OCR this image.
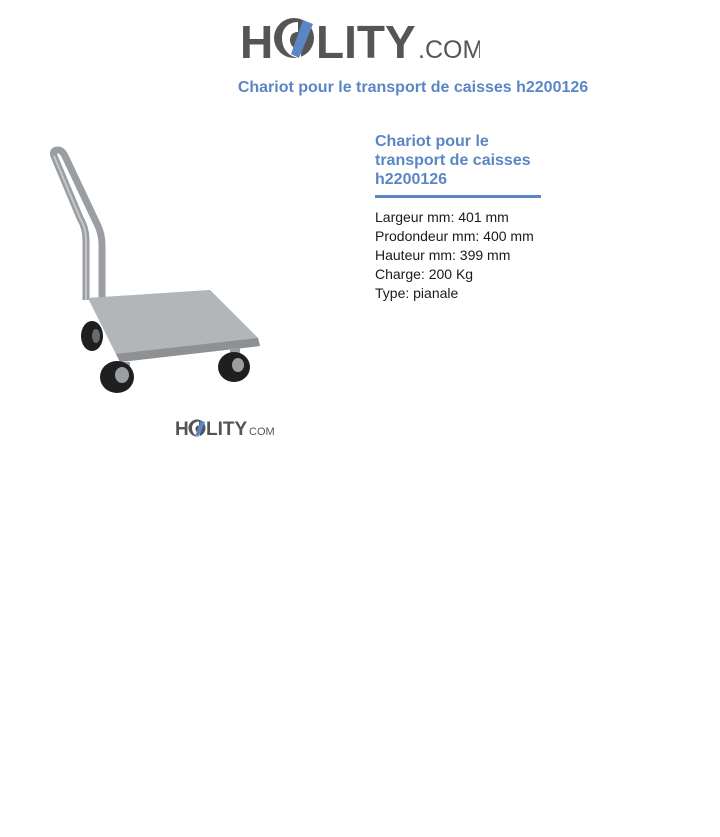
H LITY .COM
Chariot pour le transport de caisses h2200126
H LITY COM
Chariot pour le transport de caisses h2200126
Largeur mm: 401 mm
Prodondeur mm: 400 mm
Hauteur mm: 399 mm
Charge: 200 Kg
Type: pianale
